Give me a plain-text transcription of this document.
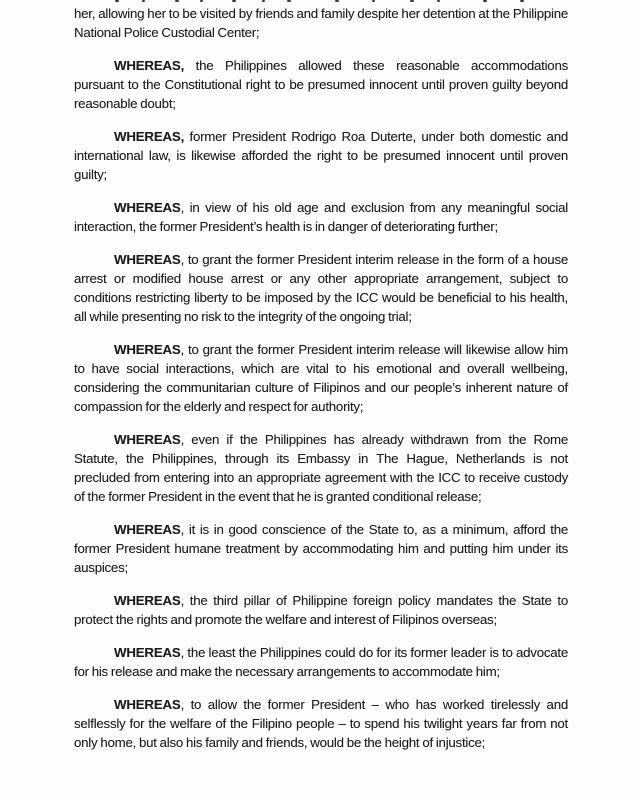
her, allowing her to be visited by friends and family despite her detention at the Philippine National Police Custodial Center;

WHEREAS, the Philippines allowed these reasonable accommodations pursuant to the Constitutional right to be presumed innocent until proven guilty beyond reasonable doubt;

WHEREAS, former President Rodrigo Roa Duterte, under both domestic and international law, is likewise afforded the right to be presumed innocent until proven guilty;

WHEREAS, in view of his old age and exclusion from any meaningful social interaction, the former President’s health is in danger of deteriorating further;

WHEREAS, to grant the former President interim release in the form of a house arrest or modified house arrest or any other appropriate arrangement, subject to conditions restricting liberty to be imposed by the ICC would be beneficial to his health, all while presenting no risk to the integrity of the ongoing trial;

WHEREAS, to grant the former President interim release will likewise allow him to have social interactions, which are vital to his emotional and overall wellbeing, considering the communitarian culture of Filipinos and our people’s inherent nature of compassion for the elderly and respect for authority;

WHEREAS, even if the Philippines has already withdrawn from the Rome Statute, the Philippines, through its Embassy in The Hague, Netherlands is not precluded from entering into an appropriate agreement with the ICC to receive custody of the former President in the event that he is granted conditional release;

WHEREAS, it is in good conscience of the State to, as a minimum, afford the former President humane treatment by accommodating him and putting him under its auspices;

WHEREAS, the third pillar of Philippine foreign policy mandates the State to protect the rights and promote the welfare and interest of Filipinos overseas;

WHEREAS, the least the Philippines could do for its former leader is to advocate for his release and make the necessary arrangements to accommodate him;

WHEREAS, to allow the former President – who has worked tirelessly and selflessly for the welfare of the Filipino people – to spend his twilight years far from not only home, but also his family and friends, would be the height of injustice;
